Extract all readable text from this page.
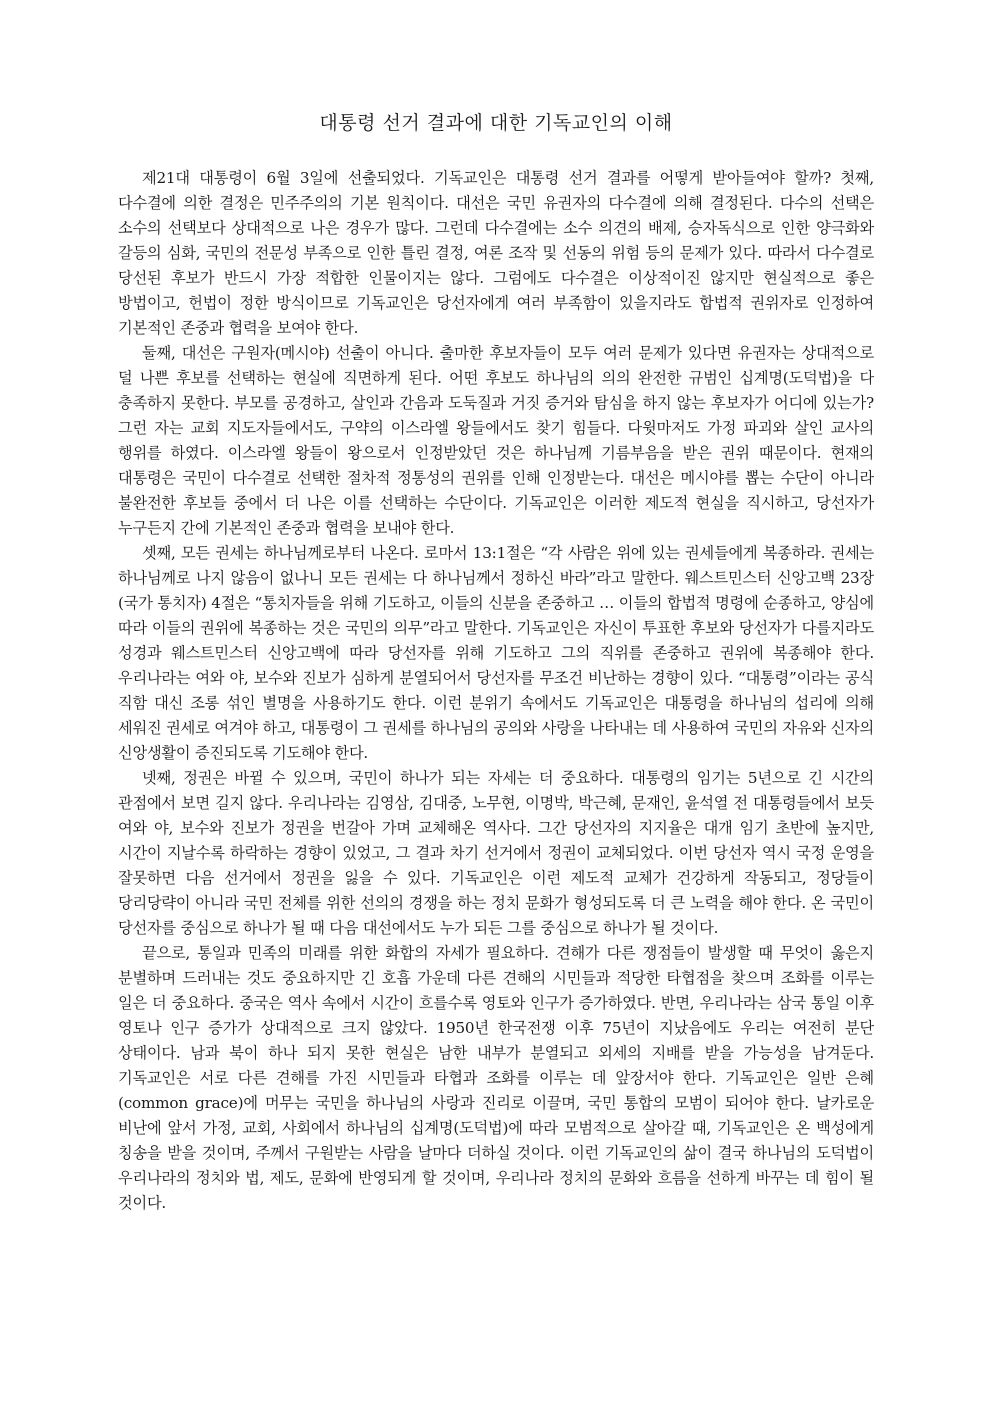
대통령 선거 결과에 대한 기독교인의 이해

제21대 대통령이 6월 3일에 선출되었다. 기독교인은 대통령 선거 결과를 어떻게 받아들여야 할까? 첫째, 다수결에 의한 결정은 민주주의의 기본 원칙이다. 대선은 국민 유권자의 다수결에 의해 결정된다. 다수의 선택은 소수의 선택보다 상대적으로 나은 경우가 많다. 그런데 다수결에는 소수 의견의 배제, 승자독식으로 인한 양극화와 갈등의 심화, 국민의 전문성 부족으로 인한 틀린 결정, 여론 조작 및 선동의 위험 등의 문제가 있다. 따라서 다수결로 당선된 후보가 반드시 가장 적합한 인물이지는 않다. 그럼에도 다수결은 이상적이진 않지만 현실적으로 좋은 방법이고, 헌법이 정한 방식이므로 기독교인은 당선자에게 여러 부족함이 있을지라도 합법적 권위자로 인정하여 기본적인 존중과 협력을 보여야 한다.

둘째, 대선은 구원자(메시야) 선출이 아니다. 출마한 후보자들이 모두 여러 문제가 있다면 유권자는 상대적으로 덜 나쁜 후보를 선택하는 현실에 직면하게 된다. 어떤 후보도 하나님의 의의 완전한 규범인 십계명(도덕법)을 다 충족하지 못한다. 부모를 공경하고, 살인과 간음과 도둑질과 거짓 증거와 탐심을 하지 않는 후보자가 어디에 있는가? 그런 자는 교회 지도자들에서도, 구약의 이스라엘 왕들에서도 찾기 힘들다. 다윗마저도 가정 파괴와 살인 교사의 행위를 하였다. 이스라엘 왕들이 왕으로서 인정받았던 것은 하나님께 기름부음을 받은 권위 때문이다. 현재의 대통령은 국민이 다수결로 선택한 절차적 정통성의 권위를 인해 인정받는다. 대선은 메시야를 뽑는 수단이 아니라 불완전한 후보들 중에서 더 나은 이를 선택하는 수단이다. 기독교인은 이러한 제도적 현실을 직시하고, 당선자가 누구든지 간에 기본적인 존중과 협력을 보내야 한다.

셋째, 모든 권세는 하나님께로부터 나온다. 로마서 13:1절은 “각 사람은 위에 있는 권세들에게 복종하라. 권세는 하나님께로 나지 않음이 없나니 모든 권세는 다 하나님께서 정하신 바라”라고 말한다. 웨스트민스터 신앙고백 23장(국가 통치자) 4절은 “통치자들을 위해 기도하고, 이들의 신분을 존중하고 … 이들의 합법적 명령에 순종하고, 양심에 따라 이들의 권위에 복종하는 것은 국민의 의무”라고 말한다. 기독교인은 자신이 투표한 후보와 당선자가 다를지라도 성경과 웨스트민스터 신앙고백에 따라 당선자를 위해 기도하고 그의 직위를 존중하고 권위에 복종해야 한다. 우리나라는 여와 야, 보수와 진보가 심하게 분열되어서 당선자를 무조건 비난하는 경향이 있다. “대통령”이라는 공식 직함 대신 조롱 섞인 별명을 사용하기도 한다. 이런 분위기 속에서도 기독교인은 대통령을 하나님의 섭리에 의해 세워진 권세로 여겨야 하고, 대통령이 그 권세를 하나님의 공의와 사랑을 나타내는 데 사용하여 국민의 자유와 신자의 신앙생활이 증진되도록 기도해야 한다.

넷째, 정권은 바뀔 수 있으며, 국민이 하나가 되는 자세는 더 중요하다. 대통령의 임기는 5년으로 긴 시간의 관점에서 보면 길지 않다. 우리나라는 김영삼, 김대중, 노무현, 이명박, 박근혜, 문재인, 윤석열 전 대통령들에서 보듯 여와 야, 보수와 진보가 정권을 번갈아 가며 교체해온 역사다. 그간 당선자의 지지율은 대개 임기 초반에 높지만, 시간이 지날수록 하락하는 경향이 있었고, 그 결과 차기 선거에서 정권이 교체되었다. 이번 당선자 역시 국정 운영을 잘못하면 다음 선거에서 정권을 잃을 수 있다. 기독교인은 이런 제도적 교체가 건강하게 작동되고, 정당들이 당리당략이 아니라 국민 전체를 위한 선의의 경쟁을 하는 정치 문화가 형성되도록 더 큰 노력을 해야 한다. 온 국민이 당선자를 중심으로 하나가 될 때 다음 대선에서도 누가 되든 그를 중심으로 하나가 될 것이다.

끝으로, 통일과 민족의 미래를 위한 화합의 자세가 필요하다. 견해가 다른 쟁점들이 발생할 때 무엇이 옳은지 분별하며 드러내는 것도 중요하지만 긴 호흡 가운데 다른 견해의 시민들과 적당한 타협점을 찾으며 조화를 이루는 일은 더 중요하다. 중국은 역사 속에서 시간이 흐를수록 영토와 인구가 증가하였다. 반면, 우리나라는 삼국 통일 이후 영토나 인구 증가가 상대적으로 크지 않았다. 1950년 한국전쟁 이후 75년이 지났음에도 우리는 여전히 분단 상태이다. 남과 북이 하나 되지 못한 현실은 남한 내부가 분열되고 외세의 지배를 받을 가능성을 남겨둔다. 기독교인은 서로 다른 견해를 가진 시민들과 타협과 조화를 이루는 데 앞장서야 한다. 기독교인은 일반 은혜(common grace)에 머무는 국민을 하나님의 사랑과 진리로 이끌며, 국민 통합의 모범이 되어야 한다. 날카로운 비난에 앞서 가정, 교회, 사회에서 하나님의 십계명(도덕법)에 따라 모범적으로 살아갈 때, 기독교인은 온 백성에게 칭송을 받을 것이며, 주께서 구원받는 사람을 날마다 더하실 것이다. 이런 기독교인의 삶이 결국 하나님의 도덕법이 우리나라의 정치와 법, 제도, 문화에 반영되게 할 것이며, 우리나라 정치의 문화와 흐름을 선하게 바꾸는 데 힘이 될 것이다.
